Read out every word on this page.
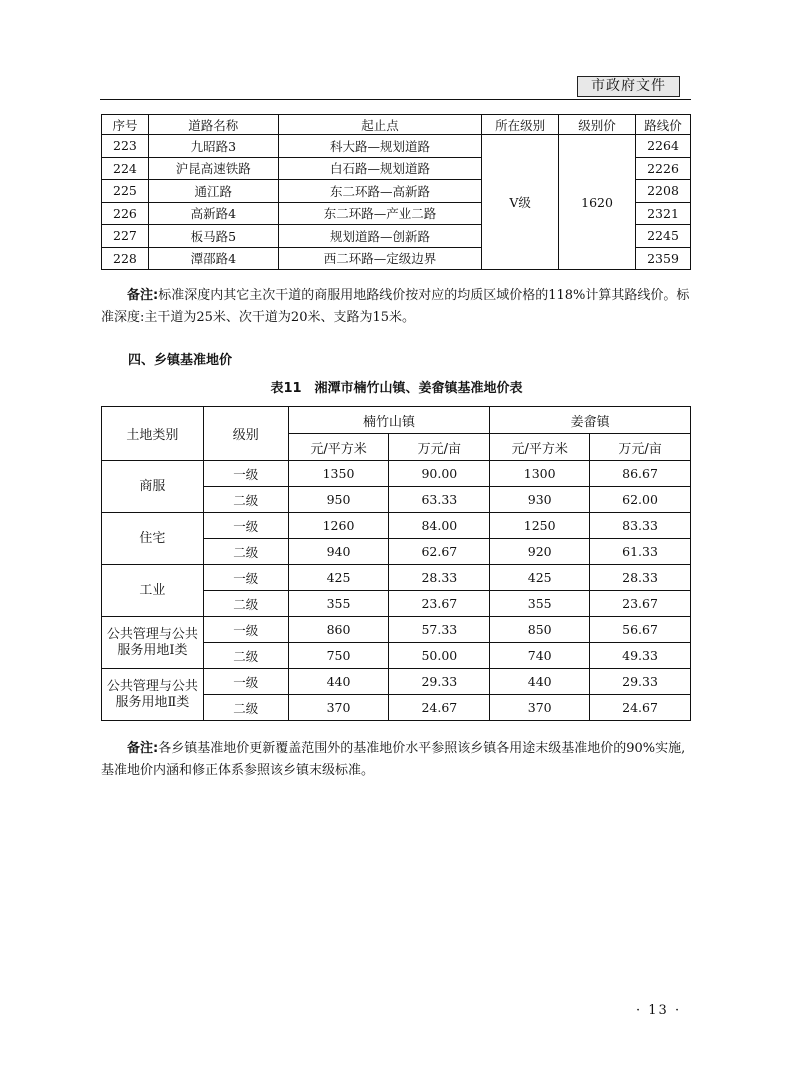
市政府文件
序号	道路名称	起止点	所在级别	级别价	路线价
223	九昭路3	科大路—规划道路	Ⅴ级	1620	2264
224	沪昆高速铁路	白石路—规划道路			2226
225	通江路	东二环路—高新路			2208
226	高新路4	东二环路—产业二路			2321
227	板马路5	规划道路—创新路			2245
228	潭邵路4	西二环路—定级边界			2359
备注:标准深度内其它主次干道的商服用地路线价按对应的均质区域价格的118%计算其路线价。标准深度:主干道为25米、次干道为20米、支路为15米。
四、乡镇基准地价
表11　湘潭市楠竹山镇、姜畲镇基准地价表
土地类别	级别	楠竹山镇		姜畲镇	
		元/平方米	万元/亩	元/平方米	万元/亩
商服	一级	1350	90.00	1300	86.67
	二级	950	63.33	930	62.00
住宅	一级	1260	84.00	1250	83.33
	二级	940	62.67	920	61.33
工业	一级	425	28.33	425	28.33
	二级	355	23.67	355	23.67
公共管理与公共服务用地Ⅰ类	一级	860	57.33	850	56.67
	二级	750	50.00	740	49.33
公共管理与公共服务用地Ⅱ类	一级	440	29.33	440	29.33
	二级	370	24.67	370	24.67
备注:各乡镇基准地价更新覆盖范围外的基准地价水平参照该乡镇各用途末级基准地价的90%实施,基准地价内涵和修正体系参照该乡镇末级标准。
· 13 ·
